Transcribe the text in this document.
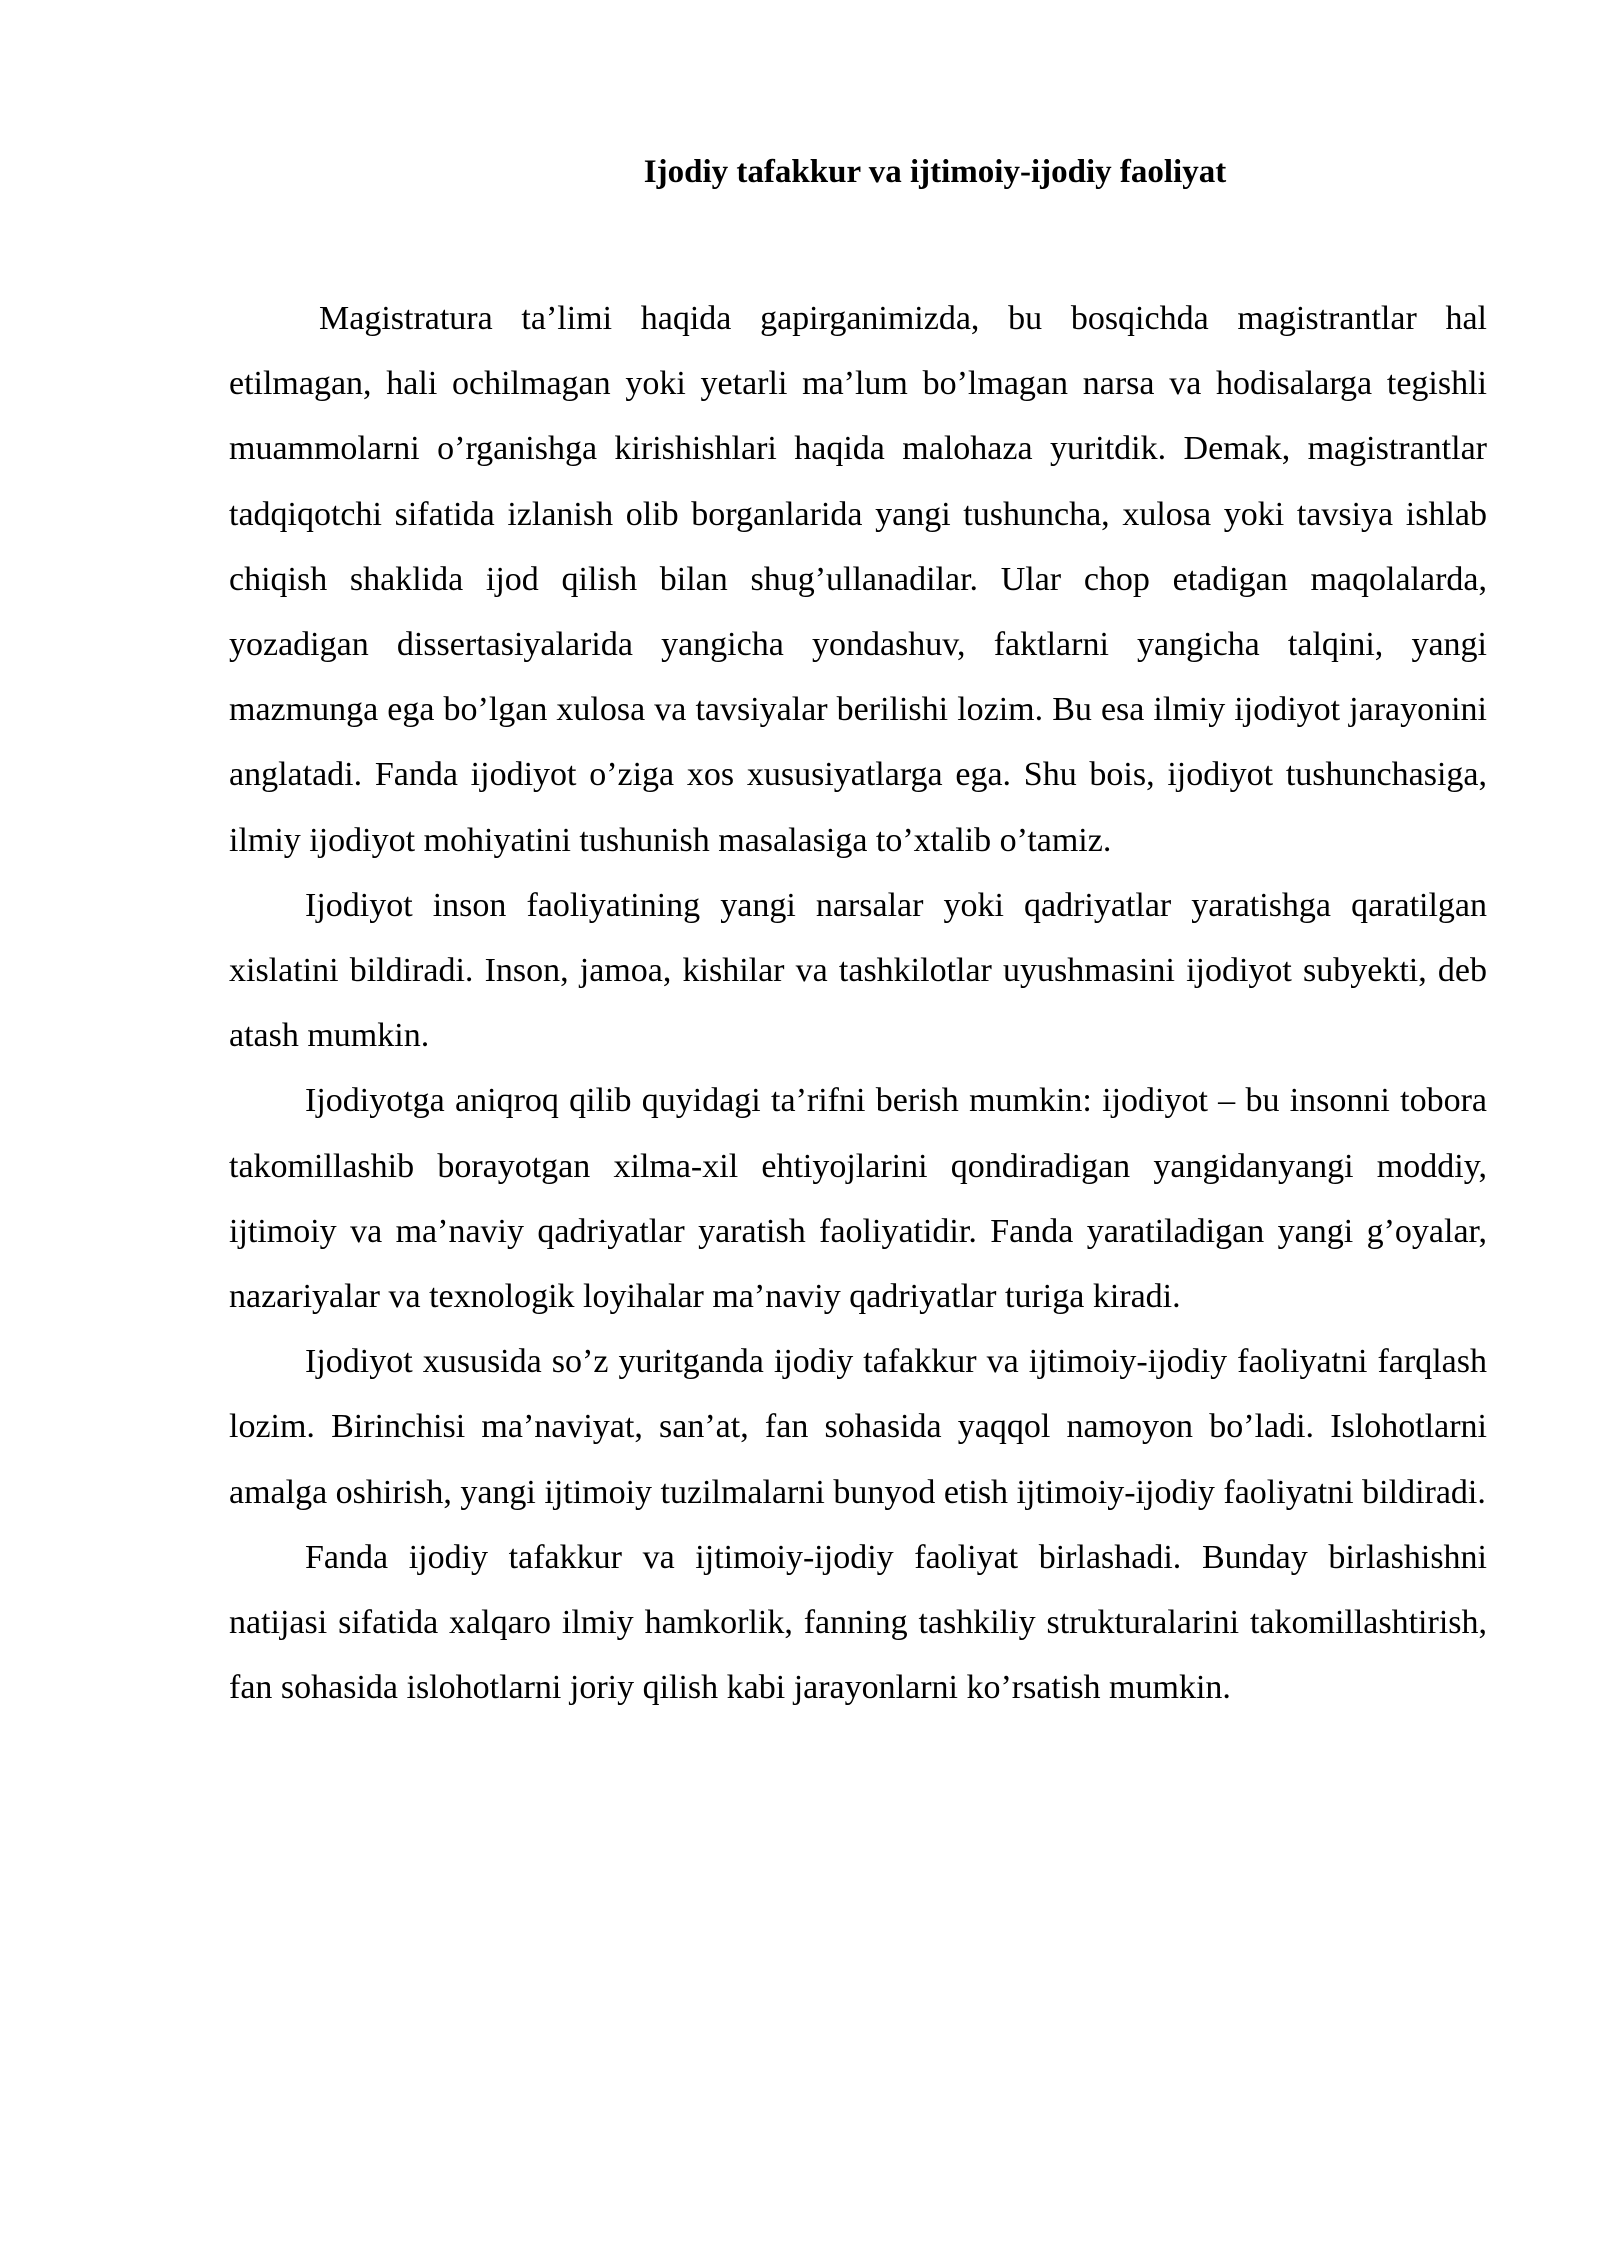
Ijodiy tafakkur va ijtimoiy-ijodiy faoliyat

Magistratura ta’limi haqida gapirganimizda, bu bosqichda magistrantlar hal etilmagan, hali ochilmagan yoki yetarli ma’lum bo’lmagan narsa va hodisalarga tegishli muammolarni o’rganishga kirishishlari haqida malohaza yuritdik. Demak, magistrantlar tadqiqotchi sifatida izlanish olib borganlarida yangi tushuncha, xulosa yoki tavsiya ishlab chiqish shaklida ijod qilish bilan shug’ullanadilar. Ular chop etadigan maqolalarda, yozadigan dissertasiyalarida yangicha yondashuv, faktlarni yangicha talqini, yangi mazmunga ega bo’lgan xulosa va tavsiyalar berilishi lozim. Bu esa ilmiy ijodiyot jarayonini anglatadi. Fanda ijodiyot o’ziga xos xususiyatlarga ega. Shu bois, ijodiyot tushunchasiga, ilmiy ijodiyot mohiyatini tushunish masalasiga to’xtalib o’tamiz.

Ijodiyot inson faoliyatining yangi narsalar yoki qadriyatlar yaratishga qaratilgan xislatini bildiradi. Inson, jamoa, kishilar va tashkilotlar uyushmasini ijodiyot subyekti, deb atash mumkin.

Ijodiyotga aniqroq qilib quyidagi ta’rifni berish mumkin: ijodiyot – bu insonni tobora takomillashib borayotgan xilma-xil ehtiyojlarini qondiradigan yangidanyangi moddiy, ijtimoiy va ma’naviy qadriyatlar yaratish faoliyatidir. Fanda yaratiladigan yangi g’oyalar, nazariyalar va texnologik loyihalar ma’naviy qadriyatlar turiga kiradi.

Ijodiyot xususida so’z yuritganda ijodiy tafakkur va ijtimoiy-ijodiy faoliyatni farqlash lozim. Birinchisi ma’naviyat, san’at, fan sohasida yaqqol namoyon bo’ladi. Islohotlarni amalga oshirish, yangi ijtimoiy tuzilmalarni bunyod etish ijtimoiy-ijodiy faoliyatni bildiradi.

Fanda ijodiy tafakkur va ijtimoiy-ijodiy faoliyat birlashadi. Bunday birlashishni natijasi sifatida xalqaro ilmiy hamkorlik, fanning tashkiliy strukturalarini takomillashtirish, fan sohasida islohotlarni joriy qilish kabi jarayonlarni ko’rsatish mumkin.
